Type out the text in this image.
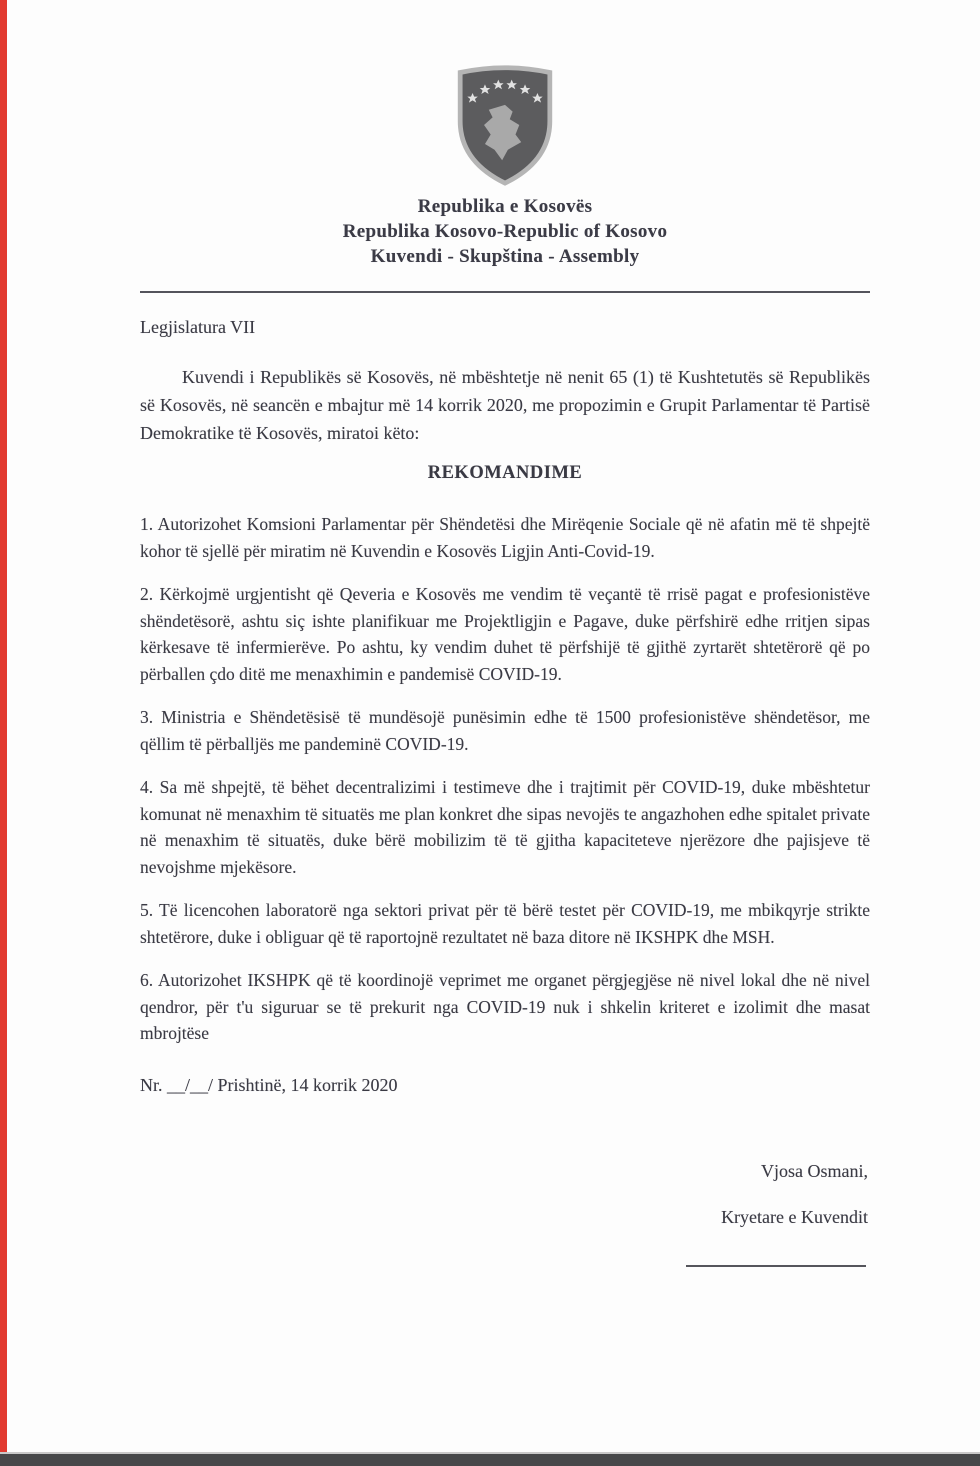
Republika e Kosovës
Republika Kosovo-Republic of Kosovo
Kuvendi - Skupština - Assembly
Legjislatura VII

Kuvendi i Republikës së Kosovës, në mbështetje në nenit 65 (1) të Kushtetutës së Republikës së Kosovës, në seancën e mbajtur më 14 korrik 2020, me propozimin e Grupit Parlamentar të Partisë Demokratike të Kosovës, miratoi këto:

REKOMANDIME

1. Autorizohet Komsioni Parlamentar për Shëndetësi dhe Mirëqenie Sociale që në afatin më të shpejtë kohor të sjellë për miratim në Kuvendin e Kosovës Ligjin Anti-Covid-19.

2. Kërkojmë urgjentisht që Qeveria e Kosovës me vendim të veçantë të rrisë pagat e profesionistëve shëndetësorë, ashtu siç ishte planifikuar me Projektligjin e Pagave, duke përfshirë edhe rritjen sipas kërkesave të infermierëve. Po ashtu, ky vendim duhet të përfshijë të gjithë zyrtarët shtetërorë që po përballen çdo ditë me menaxhimin e pandemisë COVID-19.

3. Ministria e Shëndetësisë të mundësojë punësimin edhe të 1500 profesionistëve shëndetësor, me qëllim të përballjës me pandeminë COVID-19.

4. Sa më shpejtë, të bëhet decentralizimi i testimeve dhe i trajtimit për COVID-19, duke mbështetur komunat në menaxhim të situatës me plan konkret dhe sipas nevojës te angazhohen edhe spitalet private në menaxhim të situatës, duke bërë mobilizim të të gjitha kapaciteteve njerëzore dhe pajisjeve të nevojshme mjekësore.

5. Të licencohen laboratorë nga sektori privat për të bërë testet për COVID-19, me mbikqyrje strikte shtetërore, duke i obliguar që të raportojnë rezultatet në baza ditore në IKSHPK dhe MSH.

6. Autorizohet IKSHPK që të koordinojë veprimet me organet përgjegjëse në nivel lokal dhe në nivel qendror, për t'u siguruar se të prekurit nga COVID-19 nuk i shkelin kriteret e izolimit dhe masat mbrojtëse

Nr. __/__/ Prishtinë, 14 korrik 2020

Vjosa Osmani,
Kryetare e Kuvendit
